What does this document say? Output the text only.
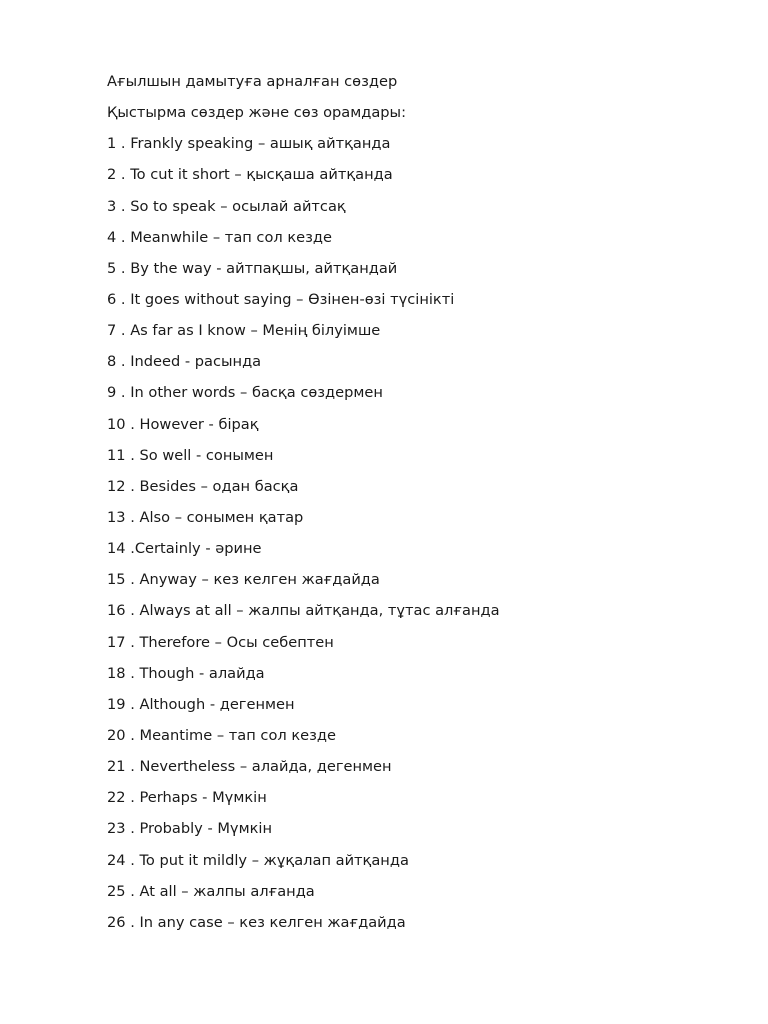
Ағылшын дамытуға арналған сөздер
Қыстырма сөздер және сөз орамдары:
1 . Frankly speaking – ашық айтқанда
2 . To cut it short – қысқаша айтқанда
3 . So to speak – осылай айтсақ
4 . Meanwhile – тап сол кезде
5 . By the way - айтпақшы, айтқандай
6 . It goes without saying – Өзінен-өзі түсінікті
7 . As far as I know – Менің білуімше
8 . Indeed - расында
9 . In other words – басқа сөздермен
10 . However - бірақ
11 . So well - сонымен
12 . Besides – одан басқа
13 . Also – сонымен қатар
14 .Certainly - әрине
15 . Anyway – кез келген жағдайда
16 . Always at all – жалпы айтқанда, тұтас алғанда
17 . Therefore – Осы себептен
18 . Though - алайда
19 . Although - дегенмен
20 . Meantime – тап сол кезде
21 . Nevertheless – алайда, дегенмен
22 . Perhaps - Мүмкін
23 . Probably - Мүмкін
24 . To put it mildly – жұқалап айтқанда
25 . At all – жалпы алғанда
26 . In any case – кез келген жағдайда
